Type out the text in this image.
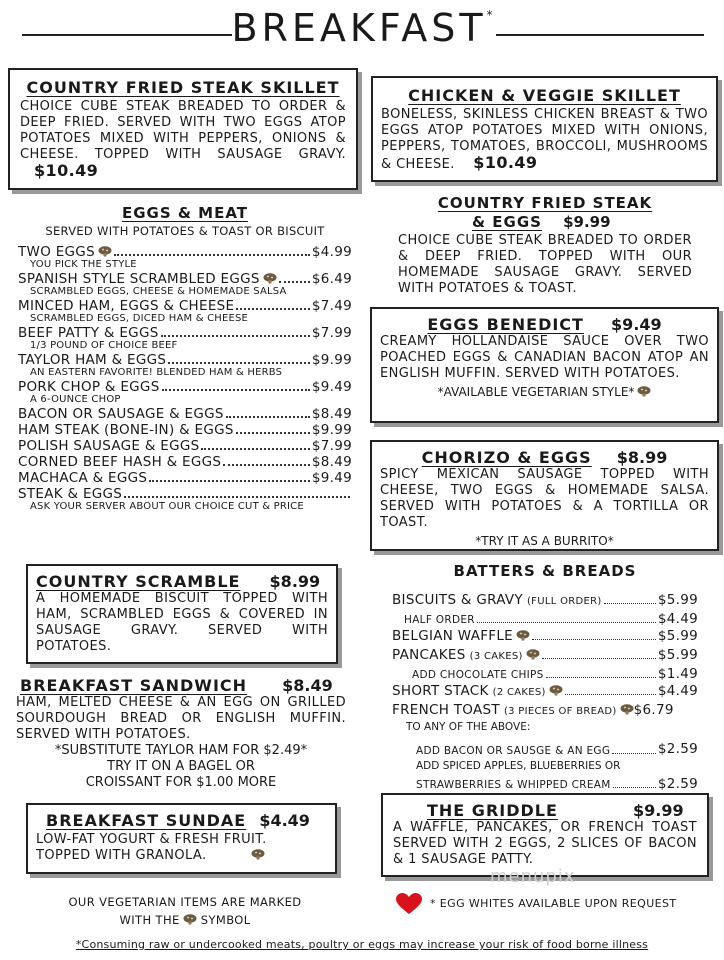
BREAKFAST*
COUNTRY FRIED STEAK SKILLET
CHOICE CUBE STEAK BREADED TO ORDER & DEEP FRIED. SERVED WITH TWO EGGS ATOP POTATOES MIXED WITH PEPPERS, ONIONS & CHEESE. TOPPED WITH SAUSAGE GRAVY. $10.49
CHICKEN & VEGGIE SKILLET
BONELESS, SKINLESS CHICKEN BREAST & TWO EGGS ATOP POTATOES MIXED WITH ONIONS, PEPPERS, TOMATOES, BROCCOLI, MUSHROOMS & CHEESE. $10.49
EGGS & MEAT
SERVED WITH POTATOES & TOAST OR BISCUIT
TWO EGGS	$4.99
YOU PICK THE STYLE
SPANISH STYLE SCRAMBLED EGGS	$6.49
SCRAMBLED EGGS, CHEESE & HOMEMADE SALSA
MINCED HAM, EGGS & CHEESE	$7.49
SCRAMBLED EGGS, DICED HAM & CHEESE
BEEF PATTY & EGGS	$7.99
1/3 POUND OF CHOICE BEEF
TAYLOR HAM & EGGS	$9.99
AN EASTERN FAVORITE! BLENDED HAM & HERBS
PORK CHOP & EGGS	$9.49
A 6-OUNCE CHOP
BACON OR SAUSAGE & EGGS	$8.49
HAM STEAK (BONE-IN) & EGGS	$9.99
POLISH SAUSAGE & EGGS	$7.99
CORNED BEEF HASH & EGGS	$8.49
MACHACA & EGGS	$9.49
STEAK & EGGS
ASK YOUR SERVER ABOUT OUR CHOICE CUT & PRICE
COUNTRY FRIED STEAK
& EGGS $9.99
CHOICE CUBE STEAK BREADED TO ORDER & DEEP FRIED. TOPPED WITH OUR HOMEMADE SAUSAGE GRAVY. SERVED WITH POTATOES & TOAST.
EGGS BENEDICT $9.49
CREAMY HOLLANDAISE SAUCE OVER TWO POACHED EGGS & CANADIAN BACON ATOP AN ENGLISH MUFFIN. SERVED WITH POTATOES.
*AVAILABLE VEGETARIAN STYLE*
CHORIZO & EGGS $8.99
SPICY MEXICAN SAUSAGE TOPPED WITH CHEESE, TWO EGGS & HOMEMADE SALSA. SERVED WITH POTATOES & A TORTILLA OR TOAST.
*TRY IT AS A BURRITO*
COUNTRY SCRAMBLE $8.99
A HOMEMADE BISCUIT TOPPED WITH HAM, SCRAMBLED EGGS & COVERED IN SAUSAGE GRAVY. SERVED WITH POTATOES.
BREAKFAST SANDWICH $8.49
HAM, MELTED CHEESE & AN EGG ON GRILLED SOURDOUGH BREAD OR ENGLISH MUFFIN. SERVED WITH POTATOES.
*SUBSTITUTE TAYLOR HAM FOR $2.49*
TRY IT ON A BAGEL OR
CROISSANT FOR $1.00 MORE
BATTERS & BREADS
BISCUITS & GRAVY (FULL ORDER)	$5.99
HALF ORDER	$4.49
BELGIAN WAFFLE	$5.99
PANCAKES (3 CAKES)	$5.99
ADD CHOCOLATE CHIPS	$1.49
SHORT STACK (2 CAKES)	$4.49
FRENCH TOAST (3 PIECES OF BREAD) $6.79
TO ANY OF THE ABOVE:
ADD BACON OR SAUSGE & AN EGG	$2.59
ADD SPICED APPLES, BLUEBERRIES OR
STRAWBERRIES & WHIPPED CREAM	$2.59
BREAKFAST SUNDAE $4.49
LOW-FAT YOGURT & FRESH FRUIT.
TOPPED WITH GRANOLA.
THE GRIDDLE	$9.99
A WAFFLE, PANCAKES, OR FRENCH TOAST SERVED WITH 2 EGGS, 2 SLICES OF BACON & 1 SAUSAGE PATTY.
OUR VEGETARIAN ITEMS ARE MARKED
WITH THE SYMBOL
* EGG WHITES AVAILABLE UPON REQUEST
menupix
*Consuming raw or undercooked meats, poultry or eggs may increase your risk of food borne illness
